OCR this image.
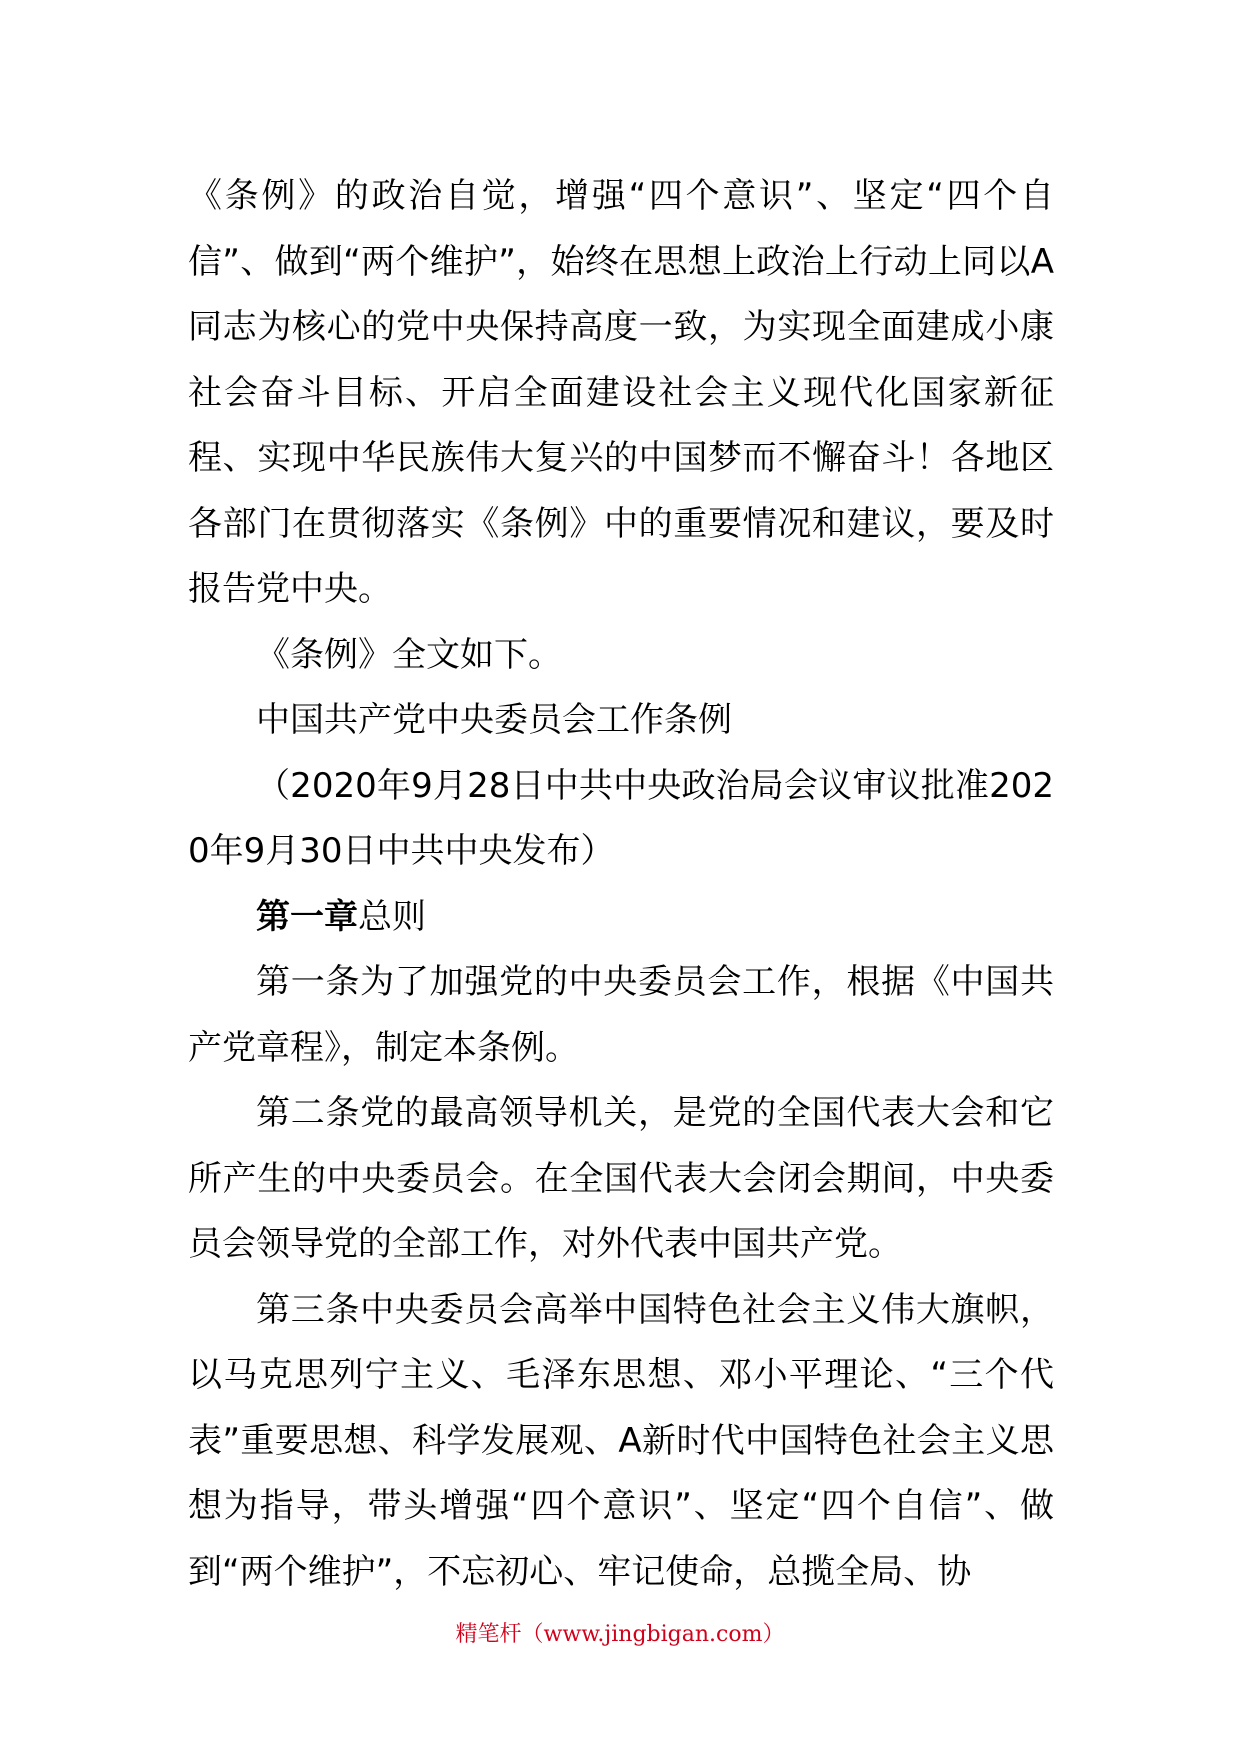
《条例》的政治自觉，增强“四个意识”、坚定“四个自信”、做到“两个维护”，始终在思想上政治上行动上同以A同志为核心的党中央保持高度一致，为实现全面建成小康社会奋斗目标、开启全面建设社会主义现代化国家新征程、实现中华民族伟大复兴的中国梦而不懈奋斗！各地区各部门在贯彻落实《条例》中的重要情况和建议，要及时报告党中央。

《条例》全文如下。

中国共产党中央委员会工作条例

（2020年9月28日中共中央政治局会议审议批准2020年9月30日中共中央发布）

第一章总则

第一条为了加强党的中央委员会工作，根据《中国共产党章程》，制定本条例。

第二条党的最高领导机关，是党的全国代表大会和它所产生的中央委员会。在全国代表大会闭会期间，中央委员会领导党的全部工作，对外代表中国共产党。

第三条中央委员会高举中国特色社会主义伟大旗帜，以马克思列宁主义、毛泽东思想、邓小平理论、“三个代表”重要思想、科学发展观、A新时代中国特色社会主义思想为指导，带头增强“四个意识”、坚定“四个自信”、做到“两个维护”，不忘初心、牢记使命，总揽全局、协

精笔杆（www.jingbigan.com）
